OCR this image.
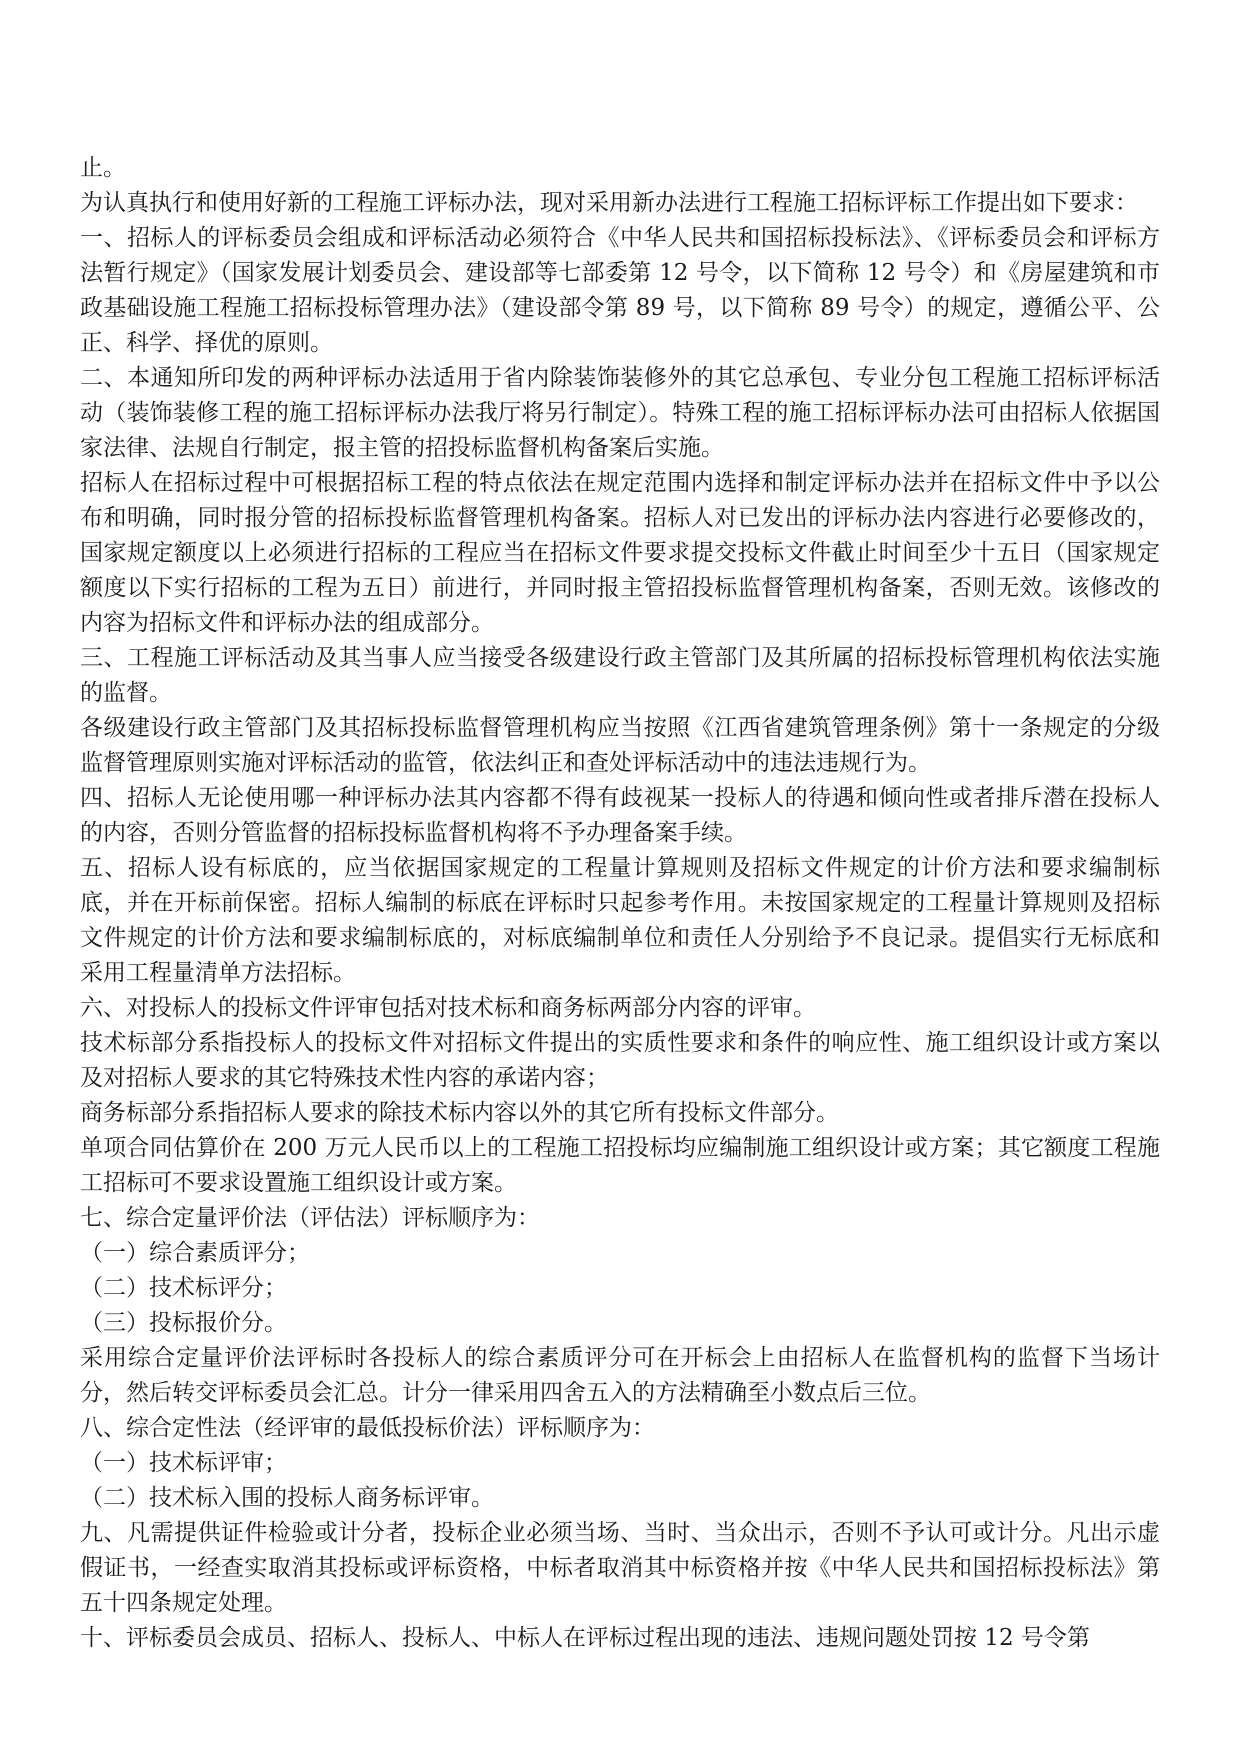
止。

为认真执行和使用好新的工程施工评标办法，现对采用新办法进行工程施工招标评标工作提出如下要求：

一、招标人的评标委员会组成和评标活动必须符合《中华人民共和国招标投标法》、《评标委员会和评标方法暂行规定》（国家发展计划委员会、建设部等七部委第 12 号令，以下简称 12 号令）和《房屋建筑和市政基础设施工程施工招标投标管理办法》（建设部令第 89 号，以下简称 89 号令）的规定，遵循公平、公正、科学、择优的原则。

二、本通知所印发的两种评标办法适用于省内除装饰装修外的其它总承包、专业分包工程施工招标评标活动（装饰装修工程的施工招标评标办法我厅将另行制定）。特殊工程的施工招标评标办法可由招标人依据国家法律、法规自行制定，报主管的招投标监督机构备案后实施。

招标人在招标过程中可根据招标工程的特点依法在规定范围内选择和制定评标办法并在招标文件中予以公布和明确，同时报分管的招标投标监督管理机构备案。招标人对已发出的评标办法内容进行必要修改的，国家规定额度以上必须进行招标的工程应当在招标文件要求提交投标文件截止时间至少十五日（国家规定额度以下实行招标的工程为五日）前进行，并同时报主管招投标监督管理机构备案，否则无效。该修改的内容为招标文件和评标办法的组成部分。

三、工程施工评标活动及其当事人应当接受各级建设行政主管部门及其所属的招标投标管理机构依法实施的监督。

各级建设行政主管部门及其招标投标监督管理机构应当按照《江西省建筑管理条例》第十一条规定的分级监督管理原则实施对评标活动的监管，依法纠正和查处评标活动中的违法违规行为。

四、招标人无论使用哪一种评标办法其内容都不得有歧视某一投标人的待遇和倾向性或者排斥潜在投标人的内容，否则分管监督的招标投标监督机构将不予办理备案手续。

五、招标人设有标底的，应当依据国家规定的工程量计算规则及招标文件规定的计价方法和要求编制标底，并在开标前保密。招标人编制的标底在评标时只起参考作用。未按国家规定的工程量计算规则及招标文件规定的计价方法和要求编制标底的，对标底编制单位和责任人分别给予不良记录。提倡实行无标底和采用工程量清单方法招标。

六、对投标人的投标文件评审包括对技术标和商务标两部分内容的评审。

技术标部分系指投标人的投标文件对招标文件提出的实质性要求和条件的响应性、施工组织设计或方案以及对招标人要求的其它特殊技术性内容的承诺内容；

商务标部分系指招标人要求的除技术标内容以外的其它所有投标文件部分。

单项合同估算价在 200 万元人民币以上的工程施工招投标均应编制施工组织设计或方案；其它额度工程施工招标可不要求设置施工组织设计或方案。

七、综合定量评价法（评估法）评标顺序为：

（一）综合素质评分；

（二）技术标评分；

（三）投标报价分。

采用综合定量评价法评标时各投标人的综合素质评分可在开标会上由招标人在监督机构的监督下当场计分，然后转交评标委员会汇总。计分一律采用四舍五入的方法精确至小数点后三位。

八、综合定性法（经评审的最低投标价法）评标顺序为：

（一）技术标评审；

（二）技术标入围的投标人商务标评审。

九、凡需提供证件检验或计分者，投标企业必须当场、当时、当众出示，否则不予认可或计分。凡出示虚假证书，一经查实取消其投标或评标资格，中标者取消其中标资格并按《中华人民共和国招标投标法》第五十四条规定处理。

十、评标委员会成员、招标人、投标人、中标人在评标过程出现的违法、违规问题处罚按 12 号令第
